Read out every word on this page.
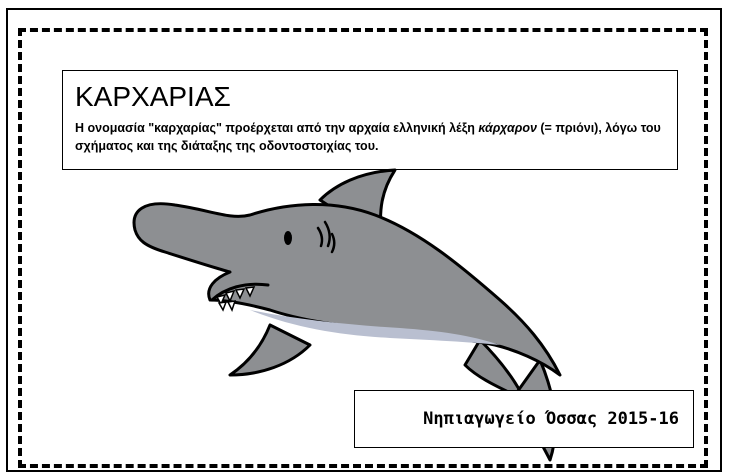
ΚΑΡΧΑΡΙΑΣ

Η ονομασία "καρχαρίας" προέρχεται από την αρχαία ελληνική λέξη κάρχαρον (= πριόνι), λόγω του σχήματος και της διάταξης της οδοντοστοιχίας του.

Νηπιαγωγείο Όσσας 2015-16
